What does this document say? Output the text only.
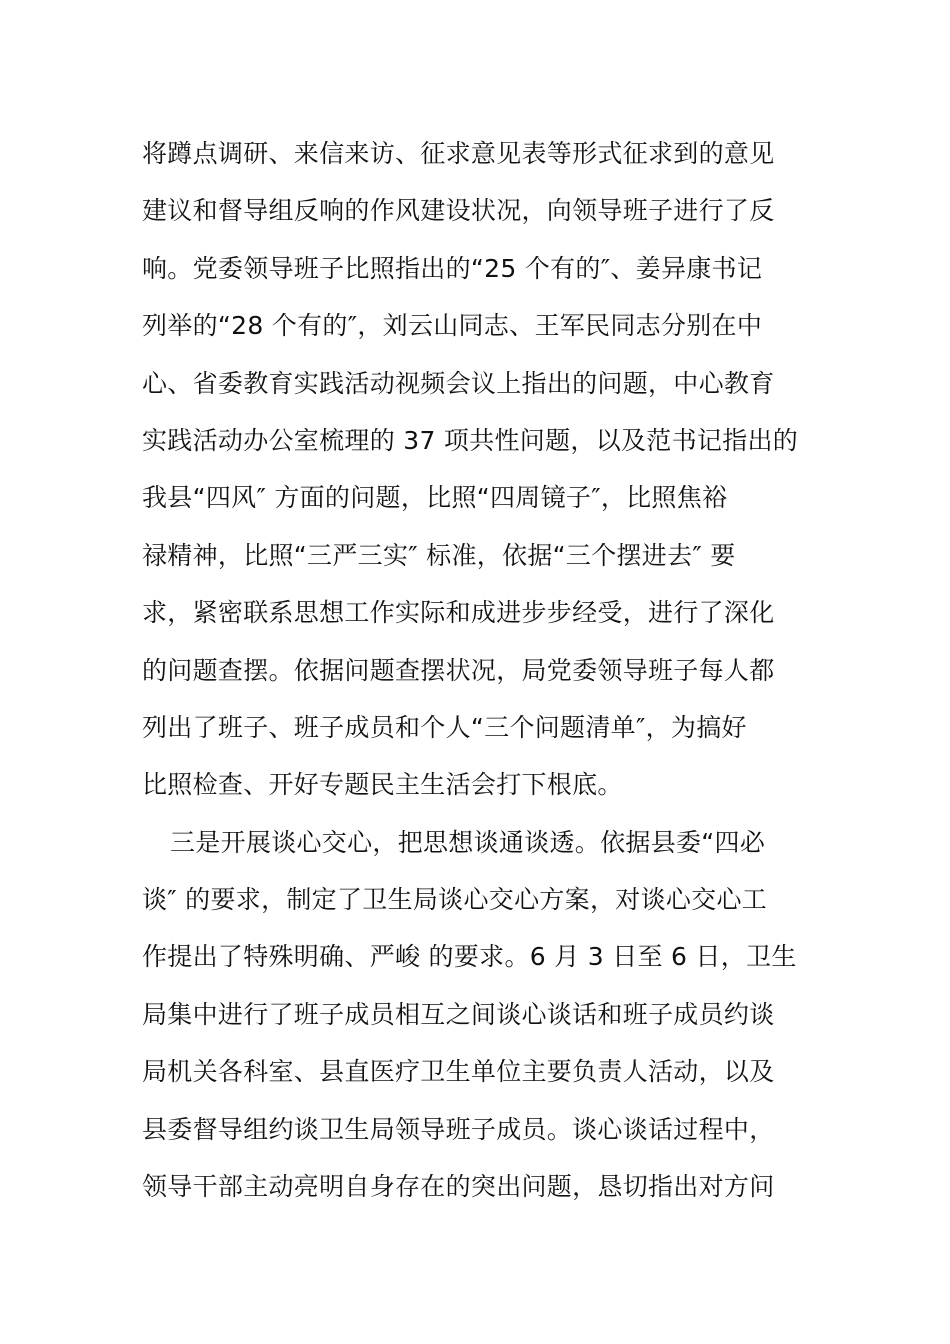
将蹲点调研、来信来访、征求意见表等形式征求到的意见
建议和督导组反响的作风建设状况，向领导班子进行了反
响。党委领导班子比照指出的“25 个有的″、姜异康书记
列举的“28 个有的″，刘云山同志、王军民同志分别在中
心、省委教育实践活动视频会议上指出的问题，中心教育
实践活动办公室梳理的 37 项共性问题，以及范书记指出的
我县“四风″ 方面的问题，比照“四周镜子″，比照焦裕
禄精神，比照“三严三实″ 标准，依据“三个摆进去″ 要
求，紧密联系思想工作实际和成进步步经受，进行了深化
的问题查摆。依据问题查摆状况，局党委领导班子每人都
列出了班子、班子成员和个人“三个问题清单″，为搞好
比照检查、开好专题民主生活会打下根底。
三是开展谈心交心，把思想谈通谈透。依据县委“四必
谈″ 的要求，制定了卫生局谈心交心方案，对谈心交心工
作提出了特殊明确、严峻 的要求。6 月 3 日至 6 日，卫生
局集中进行了班子成员相互之间谈心谈话和班子成员约谈
局机关各科室、县直医疗卫生单位主要负责人活动，以及
县委督导组约谈卫生局领导班子成员。谈心谈话过程中，
领导干部主动亮明自身存在的突出问题，恳切指出对方问
